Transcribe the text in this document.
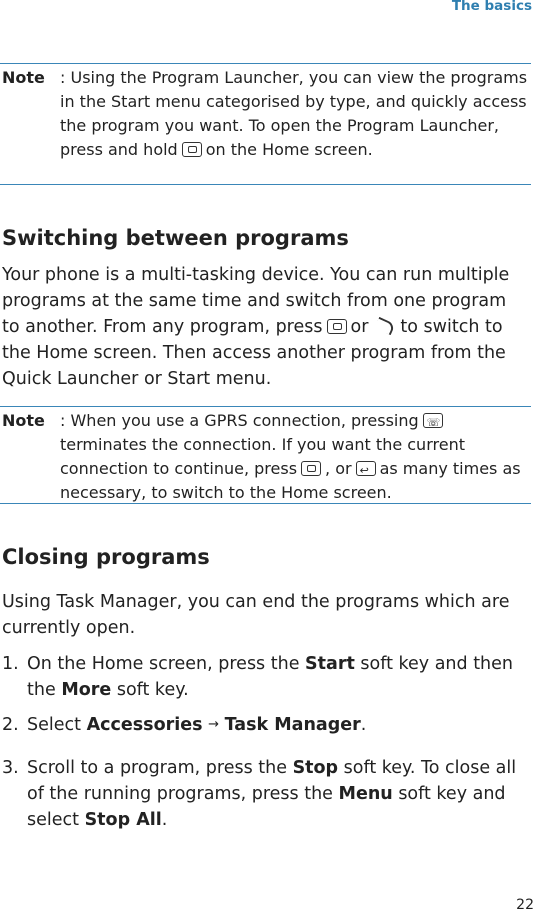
The basics
Note : Using the Program Launcher, you can view the programs in the Start menu categorised by type, and quickly access the program you want. To open the Program Launcher, press and hold on the Home screen.
Switching between programs

Your phone is a multi-tasking device. You can run multiple programs at the same time and switch from one program to another. From any program, press or to switch to the Home screen. Then access another program from the Quick Launcher or Start menu.

Note : When you use a GPRS connection, pressing☏terminates the connection. If you want the current connection to continue, press , or↩ as many times as necessary, to switch to the Home screen.
Closing programs

Using Task Manager, you can end the programs which are currently open.

1. On the Home screen, press the Start soft key and then the More soft key.
2. Select Accessories → Task Manager.
3. Scroll to a program, press the Stop soft key. To close all of the running programs, press the Menu soft key and select Stop All.
22
